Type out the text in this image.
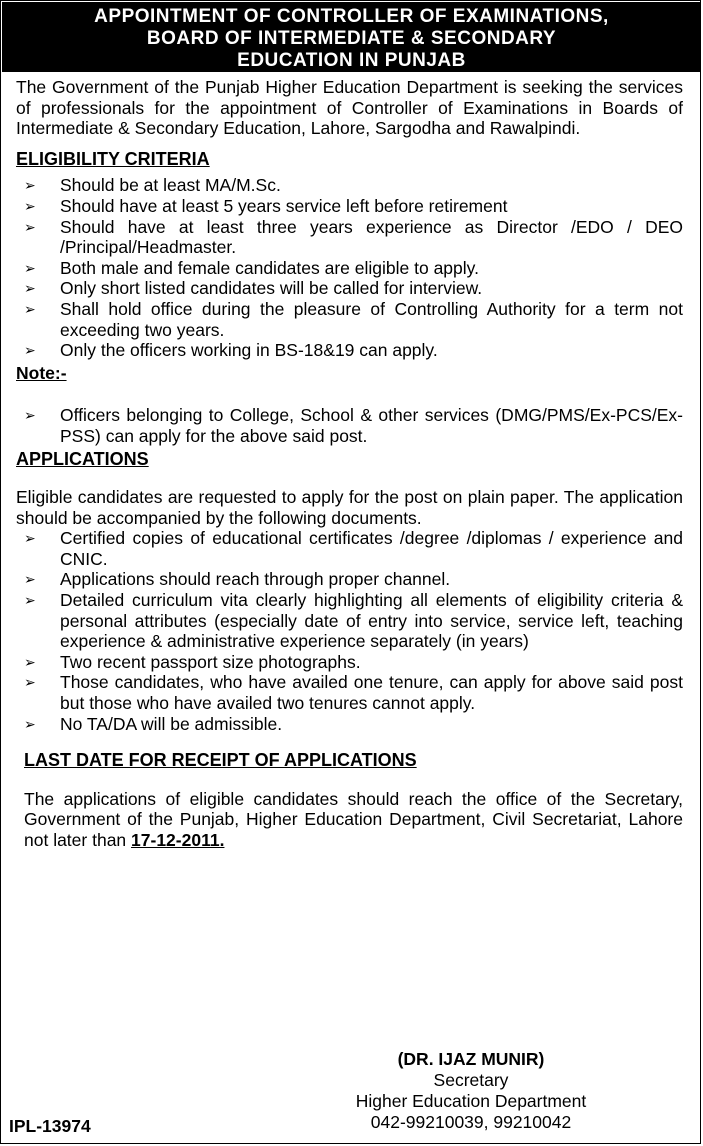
APPOINTMENT OF CONTROLLER OF EXAMINATIONS,
BOARD OF INTERMEDIATE & SECONDARY
EDUCATION IN PUNJAB
The Government of the Punjab Higher Education Department is seeking the services of professionals for the appointment of Controller of Examinations in Boards of Intermediate & Secondary Education, Lahore, Sargodha and Rawalpindi.
ELIGIBILITY CRITERIA
➢ Should be at least MA/M.Sc.
➢ Should have at least 5 years service left before retirement
➢ Should have at least three years experience as Director /EDO / DEO /Principal/Headmaster.
➢ Both male and female candidates are eligible to apply.
➢ Only short listed candidates will be called for interview.
➢ Shall hold office during the pleasure of Controlling Authority for a term not exceeding two years.
➢ Only the officers working in BS-18&19 can apply.
Note:-
➢ Officers belonging to College, School & other services (DMG/PMS/Ex-PCS/Ex-PSS) can apply for the above said post.
APPLICATIONS
Eligible candidates are requested to apply for the post on plain paper. The application should be accompanied by the following documents.
➢ Certified copies of educational certificates /degree /diplomas / experience and CNIC.
➢ Applications should reach through proper channel.
➢ Detailed curriculum vita clearly highlighting all elements of eligibility criteria & personal attributes (especially date of entry into service, service left, teaching experience & administrative experience separately (in years)
➢ Two recent passport size photographs.
➢ Those candidates, who have availed one tenure, can apply for above said post but those who have availed two tenures cannot apply.
➢ No TA/DA will be admissible.
LAST DATE FOR RECEIPT OF APPLICATIONS
The applications of eligible candidates should reach the office of the Secretary, Government of the Punjab, Higher Education Department, Civil Secretariat, Lahore not later than 17-12-2011.
(DR. IJAZ MUNIR)
Secretary
Higher Education Department
042-99210039, 99210042
IPL-13974
